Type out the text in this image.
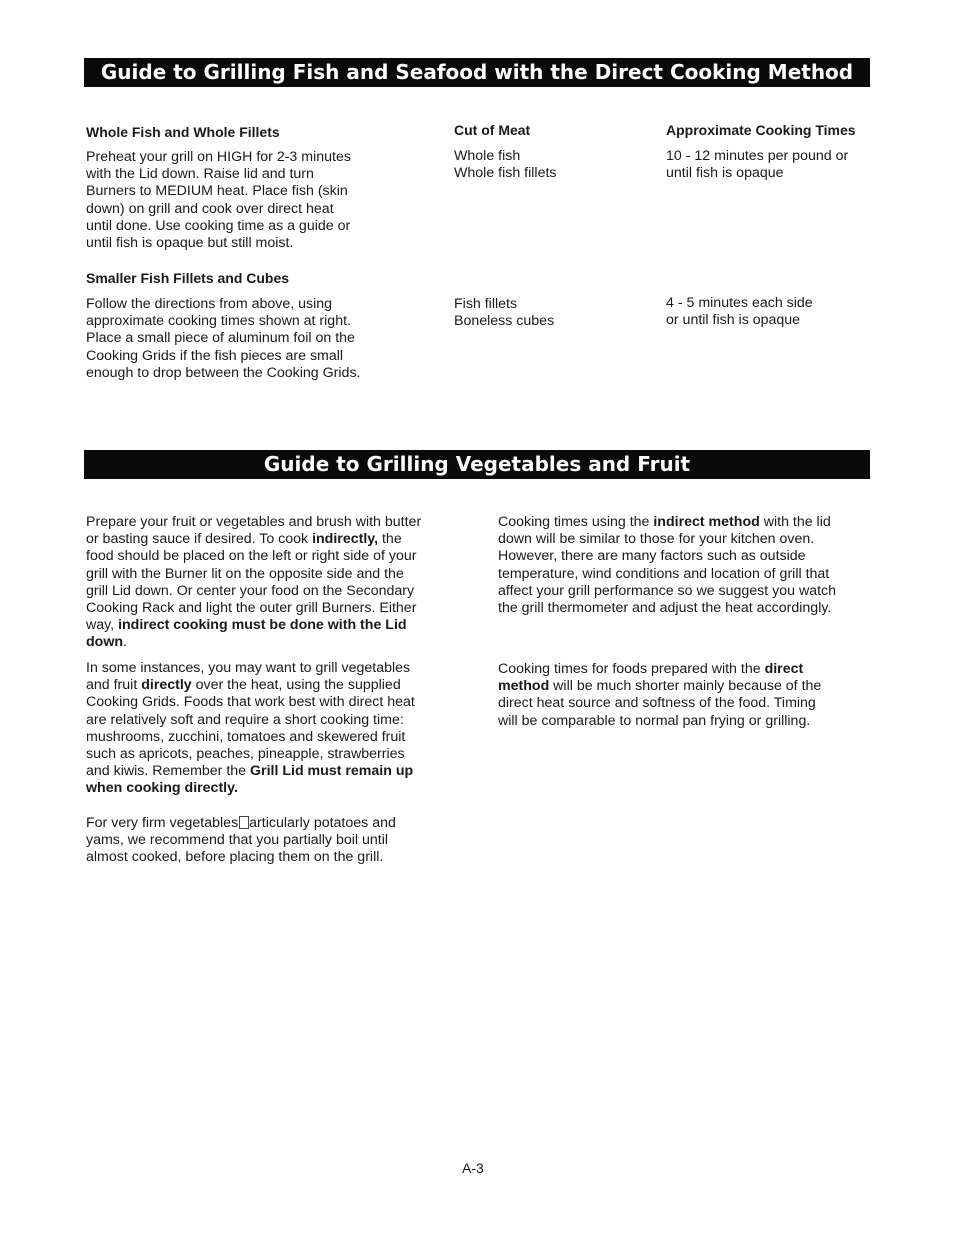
Guide to Grilling Fish and Seafood with the Direct Cooking Method
Whole Fish and Whole Fillets	Cut of Meat	Approximate Cooking Times
Preheat your grill on HIGH for 2-3 minutes
with the Lid down. Raise lid and turn
Burners to MEDIUM heat. Place fish (skin
down) on grill and cook over direct heat
until done. Use cooking time as a guide or
until fish is opaque but still moist.
Whole fish
Whole fish fillets
10 - 12 minutes per pound or
until fish is opaque
Smaller Fish Fillets and Cubes
Follow the directions from above, using
approximate cooking times shown at right.
Place a small piece of aluminum foil on the
Cooking Grids if the fish pieces are small
enough to drop between the Cooking Grids.
Fish fillets
Boneless cubes
4 - 5 minutes each side
or until fish is opaque
Guide to Grilling Vegetables and Fruit
Prepare your fruit or vegetables and brush with butter
or basting sauce if desired. To cook indirectly, the
food should be placed on the left or right side of your
grill with the Burner lit on the opposite side and the
grill Lid down. Or center your food on the Secondary
Cooking Rack and light the outer grill Burners. Either
way, indirect cooking must be done with the Lid
down.
In some instances, you may want to grill vegetables
and fruit directly over the heat, using the supplied
Cooking Grids. Foods that work best with direct heat
are relatively soft and require a short cooking time:
mushrooms, zucchini, tomatoes and skewered fruit
such as apricots, peaches, pineapple, strawberries
and kiwis. Remember the Grill Lid must remain up
when cooking directly.
For very firm vegetables articularly potatoes and
yams, we recommend that you partially boil until
almost cooked, before placing them on the grill.
Cooking times using the indirect method with the lid
down will be similar to those for your kitchen oven.
However, there are many factors such as outside
temperature, wind conditions and location of grill that
affect your grill performance so we suggest you watch
the grill thermometer and adjust the heat accordingly.
Cooking times for foods prepared with the direct
method will be much shorter mainly because of the
direct heat source and softness of the food. Timing
will be comparable to normal pan frying or grilling.
A-3
